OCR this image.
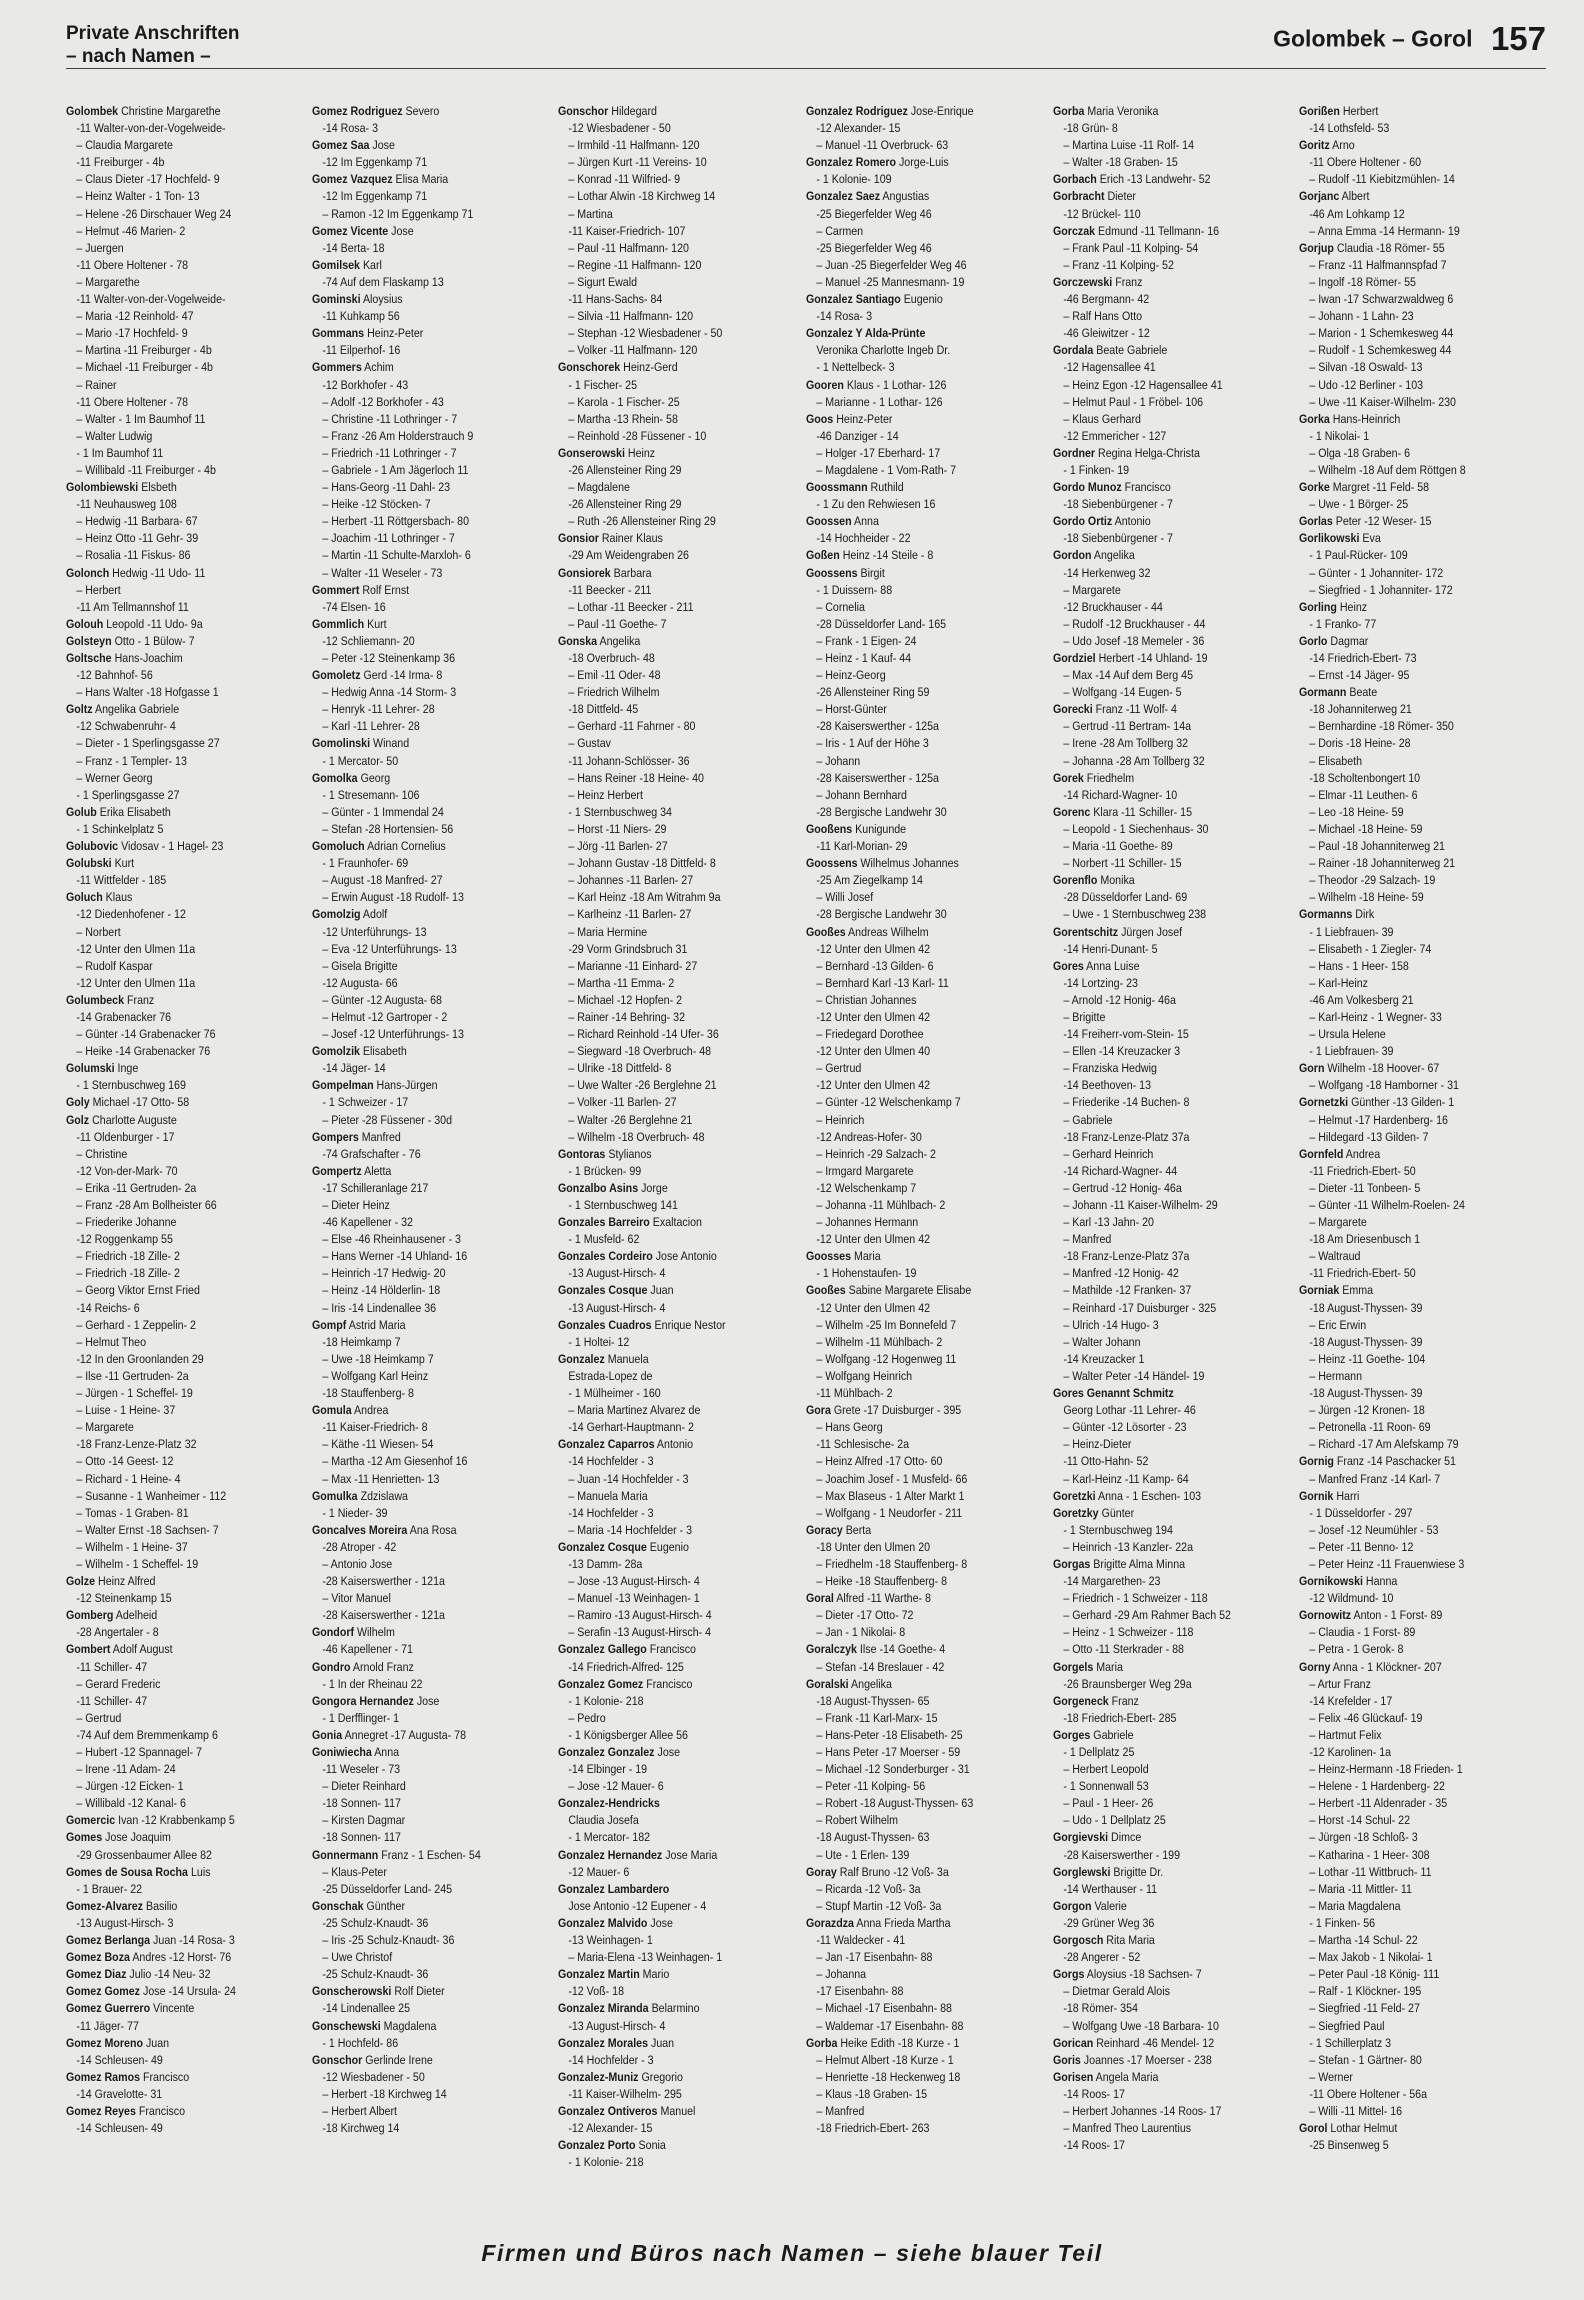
Private Anschriften
– nach Namen –
Golombek – Gorol 157
Golombek Christine Margarethe
-11 Walter-von-der-Vogelweide-
– Claudia Margarete
-11 Freiburger - 4b
– Claus Dieter -17 Hochfeld- 9
– Heinz Walter - 1 Ton- 13
– Helene -26 Dirschauer Weg 24
– Helmut -46 Marien- 2
– Juergen
-11 Obere Holtener - 78
– Margarethe
-11 Walter-von-der-Vogelweide-
– Maria -12 Reinhold- 47
– Mario -17 Hochfeld- 9
– Martina -11 Freiburger - 4b
– Michael -11 Freiburger - 4b
– Rainer
-11 Obere Holtener - 78
– Walter - 1 Im Baumhof 11
– Walter Ludwig
- 1 Im Baumhof 11
– Willibald -11 Freiburger - 4b
Golombiewski Elsbeth
-11 Neuhausweg 108
– Hedwig -11 Barbara- 67
– Heinz Otto -11 Gehr- 39
– Rosalia -11 Fiskus- 86
Golonch Hedwig -11 Udo- 11
– Herbert
-11 Am Tellmannshof 11
Golouh Leopold -11 Udo- 9a
Golsteyn Otto - 1 Bülow- 7
Goltsche Hans-Joachim
-12 Bahnhof- 56
– Hans Walter -18 Hofgasse 1
Goltz Angelika Gabriele
-12 Schwabenruhr- 4
– Dieter - 1 Sperlingsgasse 27
– Franz - 1 Templer- 13
– Werner Georg
- 1 Sperlingsgasse 27
Golub Erika Elisabeth
- 1 Schinkelplatz 5
Golubovic Vidosav - 1 Hagel- 23
Golubski Kurt
-11 Wittfelder - 185
Goluch Klaus
-12 Diedenhofener - 12
– Norbert
-12 Unter den Ulmen 11a
– Rudolf Kaspar
-12 Unter den Ulmen 11a
Golumbeck Franz
-14 Grabenacker 76
– Günter -14 Grabenacker 76
– Heike -14 Grabenacker 76
Golumski Inge
- 1 Sternbuschweg 169
Goly Michael -17 Otto- 58
Golz Charlotte Auguste
-11 Oldenburger - 17
– Christine
-12 Von-der-Mark- 70
– Erika -11 Gertruden- 2a
– Franz -28 Am Bollheister 66
– Friederike Johanne
-12 Roggenkamp 55
– Friedrich -18 Zille- 2
– Friedrich -18 Zille- 2
– Georg Viktor Ernst Fried
-14 Reichs- 6
– Gerhard - 1 Zeppelin- 2
– Helmut Theo
-12 In den Groonlanden 29
– Ilse -11 Gertruden- 2a
– Jürgen - 1 Scheffel- 19
– Luise - 1 Heine- 37
– Margarete
-18 Franz-Lenze-Platz 32
– Otto -14 Geest- 12
– Richard - 1 Heine- 4
– Susanne - 1 Wanheimer - 112
– Tomas - 1 Graben- 81
– Walter Ernst -18 Sachsen- 7
– Wilhelm - 1 Heine- 37
– Wilhelm - 1 Scheffel- 19
Golze Heinz Alfred
-12 Steinenkamp 15
Gomberg Adelheid
-28 Angertaler - 8
Gombert Adolf August
-11 Schiller- 47
– Gerard Frederic
-11 Schiller- 47
– Gertrud
-74 Auf dem Bremmenkamp 6
– Hubert -12 Spannagel- 7
– Irene -11 Adam- 24
– Jürgen -12 Eicken- 1
– Willibald -12 Kanal- 6
Gomercic Ivan -12 Krabbenkamp 5
Gomes Jose Joaquim
-29 Grossenbaumer Allee 82
Gomes de Sousa Rocha Luis
- 1 Brauer- 22
Gomez-Alvarez Basilio
-13 August-Hirsch- 3
Gomez Berlanga Juan -14 Rosa- 3
Gomez Boza Andres -12 Horst- 76
Gomez Diaz Julio -14 Neu- 32
Gomez Gomez Jose -14 Ursula- 24
Gomez Guerrero Vincente
-11 Jäger- 77
Gomez Moreno Juan
-14 Schleusen- 49
Gomez Ramos Francisco
-14 Gravelotte- 31
Gomez Reyes Francisco
-14 Schleusen- 49
Gomez Rodriguez Severo
-14 Rosa- 3
Gomez Saa Jose
-12 Im Eggenkamp 71
Gomez Vazquez Elisa Maria
-12 Im Eggenkamp 71
– Ramon -12 Im Eggenkamp 71
Gomez Vicente Jose
-14 Berta- 18
Gomilsek Karl
-74 Auf dem Flaskamp 13
Gominski Aloysius
-11 Kuhkamp 56
Gommans Heinz-Peter
-11 Eilperhof- 16
Gommers Achim
-12 Borkhofer - 43
– Adolf -12 Borkhofer - 43
– Christine -11 Lothringer - 7
– Franz -26 Am Holderstrauch 9
– Friedrich -11 Lothringer - 7
– Gabriele - 1 Am Jägerloch 11
– Hans-Georg -11 Dahl- 23
– Heike -12 Stöcken- 7
– Herbert -11 Röttgersbach- 80
– Joachim -11 Lothringer - 7
– Martin -11 Schulte-Marxloh- 6
– Walter -11 Weseler - 73
Gommert Rolf Ernst
-74 Elsen- 16
Gommlich Kurt
-12 Schliemann- 20
– Peter -12 Steinenkamp 36
Gomoletz Gerd -14 Irma- 8
– Hedwig Anna -14 Storm- 3
– Henryk -11 Lehrer- 28
– Karl -11 Lehrer- 28
Gomolinski Winand
- 1 Mercator- 50
Gomolka Georg
- 1 Stresemann- 106
– Günter - 1 Immendal 24
– Stefan -28 Hortensien- 56
Gomoluch Adrian Cornelius
- 1 Fraunhofer- 69
– August -18 Manfred- 27
– Erwin August -18 Rudolf- 13
Gomolzig Adolf
-12 Unterführungs- 13
– Eva -12 Unterführungs- 13
– Gisela Brigitte
-12 Augusta- 66
– Günter -12 Augusta- 68
– Helmut -12 Gartroper - 2
– Josef -12 Unterführungs- 13
Gomolzik Elisabeth
-14 Jäger- 14
Gompelman Hans-Jürgen
- 1 Schweizer - 17
– Pieter -28 Füssener - 30d
Gompers Manfred
-74 Grafschafter - 76
Gompertz Aletta
-17 Schilleranlage 217
– Dieter Heinz
-46 Kapellener - 32
– Else -46 Rheinhausener - 3
– Hans Werner -14 Uhland- 16
– Heinrich -17 Hedwig- 20
– Heinz -14 Hölderlin- 18
– Iris -14 Lindenallee 36
Gompf Astrid Maria
-18 Heimkamp 7
– Uwe -18 Heimkamp 7
– Wolfgang Karl Heinz
-18 Stauffenberg- 8
Gomula Andrea
-11 Kaiser-Friedrich- 8
– Käthe -11 Wiesen- 54
– Martha -12 Am Giesenhof 16
– Max -11 Henrietten- 13
Gomulka Zdzislawa
- 1 Nieder- 39
Goncalves Moreira Ana Rosa
-28 Atroper - 42
– Antonio Jose
-28 Kaiserswerther - 121a
– Vitor Manuel
-28 Kaiserswerther - 121a
Gondorf Wilhelm
-46 Kapellener - 71
Gondro Arnold Franz
- 1 In der Rheinau 22
Gongora Hernandez Jose
- 1 Derfflinger- 1
Gonia Annegret -17 Augusta- 78
Goniwiecha Anna
-11 Weseler - 73
– Dieter Reinhard
-18 Sonnen- 117
– Kirsten Dagmar
-18 Sonnen- 117
Gonnermann Franz - 1 Eschen- 54
– Klaus-Peter
-25 Düsseldorfer Land- 245
Gonschak Günther
-25 Schulz-Knaudt- 36
– Iris -25 Schulz-Knaudt- 36
– Uwe Christof
-25 Schulz-Knaudt- 36
Gonscherowski Rolf Dieter
-14 Lindenallee 25
Gonschewski Magdalena
- 1 Hochfeld- 86
Gonschor Gerlinde Irene
-12 Wiesbadener - 50
– Herbert -18 Kirchweg 14
– Herbert Albert
-18 Kirchweg 14
Gonschor Hildegard
-12 Wiesbadener - 50
– Irmhild -11 Halfmann- 120
– Jürgen Kurt -11 Vereins- 10
– Konrad -11 Wilfried- 9
– Lothar Alwin -18 Kirchweg 14
– Martina
-11 Kaiser-Friedrich- 107
– Paul -11 Halfmann- 120
– Regine -11 Halfmann- 120
– Sigurt Ewald
-11 Hans-Sachs- 84
– Silvia -11 Halfmann- 120
– Stephan -12 Wiesbadener - 50
– Volker -11 Halfmann- 120
Gonschorek Heinz-Gerd
- 1 Fischer- 25
– Karola - 1 Fischer- 25
– Martha -13 Rhein- 58
– Reinhold -28 Füssener - 10
Gonserowski Heinz
-26 Allensteiner Ring 29
– Magdalene
-26 Allensteiner Ring 29
– Ruth -26 Allensteiner Ring 29
Gonsior Rainer Klaus
-29 Am Weidengraben 26
Gonsiorek Barbara
-11 Beecker - 211
– Lothar -11 Beecker - 211
– Paul -11 Goethe- 7
Gonska Angelika
-18 Overbruch- 48
– Emil -11 Oder- 48
– Friedrich Wilhelm
-18 Dittfeld- 45
– Gerhard -11 Fahrner - 80
– Gustav
-11 Johann-Schlösser- 36
– Hans Reiner -18 Heine- 40
– Heinz Herbert
- 1 Sternbuschweg 34
– Horst -11 Niers- 29
– Jörg -11 Barlen- 27
– Johann Gustav -18 Dittfeld- 8
– Johannes -11 Barlen- 27
– Karl Heinz -18 Am Witrahm 9a
– Karlheinz -11 Barlen- 27
– Maria Hermine
-29 Vorm Grindsbruch 31
– Marianne -11 Einhard- 27
– Martha -11 Emma- 2
– Michael -12 Hopfen- 2
– Rainer -14 Behring- 32
– Richard Reinhold -14 Ufer- 36
– Siegward -18 Overbruch- 48
– Ulrike -18 Dittfeld- 8
– Uwe Walter -26 Berglehne 21
– Volker -11 Barlen- 27
– Walter -26 Berglehne 21
– Wilhelm -18 Overbruch- 48
Gontoras Stylianos
- 1 Brücken- 99
Gonzalbo Asins Jorge
- 1 Sternbuschweg 141
Gonzales Barreiro Exaltacion
- 1 Musfeld- 62
Gonzales Cordeiro Jose Antonio
-13 August-Hirsch- 4
Gonzales Cosque Juan
-13 August-Hirsch- 4
Gonzales Cuadros Enrique Nestor
- 1 Holtei- 12
Gonzalez Manuela
Estrada-Lopez de
- 1 Mülheimer - 160
– Maria Martinez Alvarez de
-14 Gerhart-Hauptmann- 2
Gonzalez Caparros Antonio
-14 Hochfelder - 3
– Juan -14 Hochfelder - 3
– Manuela Maria
-14 Hochfelder - 3
– Maria -14 Hochfelder - 3
Gonzalez Cosque Eugenio
-13 Damm- 28a
– Jose -13 August-Hirsch- 4
– Manuel -13 Weinhagen- 1
– Ramiro -13 August-Hirsch- 4
– Serafin -13 August-Hirsch- 4
Gonzalez Gallego Francisco
-14 Friedrich-Alfred- 125
Gonzalez Gomez Francisco
- 1 Kolonie- 218
– Pedro
- 1 Königsberger Allee 56
Gonzalez Gonzalez Jose
-14 Elbinger - 19
– Jose -12 Mauer- 6
Gonzalez-Hendricks
Claudia Josefa
- 1 Mercator- 182
Gonzalez Hernandez Jose Maria
-12 Mauer- 6
Gonzalez Lambardero
Jose Antonio -12 Eupener - 4
Gonzalez Malvido Jose
-13 Weinhagen- 1
– Maria-Elena -13 Weinhagen- 1
Gonzalez Martin Mario
-12 Voß- 18
Gonzalez Miranda Belarmino
-13 August-Hirsch- 4
Gonzalez Morales Juan
-14 Hochfelder - 3
Gonzalez-Muniz Gregorio
-11 Kaiser-Wilhelm- 295
Gonzalez Ontiveros Manuel
-12 Alexander- 15
Gonzalez Porto Sonia
- 1 Kolonie- 218
Gonzalez Rodriguez Jose-Enrique
-12 Alexander- 15
– Manuel -11 Overbruck- 63
Gonzalez Romero Jorge-Luis
- 1 Kolonie- 109
Gonzalez Saez Angustias
-25 Biegerfelder Weg 46
– Carmen
-25 Biegerfelder Weg 46
– Juan -25 Biegerfelder Weg 46
– Manuel -25 Mannesmann- 19
Gonzalez Santiago Eugenio
-14 Rosa- 3
Gonzalez Y Alda-Prünte
Veronika Charlotte Ingeb Dr.
- 1 Nettelbeck- 3
Gooren Klaus - 1 Lothar- 126
– Marianne - 1 Lothar- 126
Goos Heinz-Peter
-46 Danziger - 14
– Holger -17 Eberhard- 17
– Magdalene - 1 Vom-Rath- 7
Goossmann Ruthild
- 1 Zu den Rehwiesen 16
Goossen Anna
-14 Hochheider - 22
Goßen Heinz -14 Steile - 8
Goossens Birgit
- 1 Duissern- 88
– Cornelia
-28 Düsseldorfer Land- 165
– Frank - 1 Eigen- 24
– Heinz - 1 Kauf- 44
– Heinz-Georg
-26 Allensteiner Ring 59
– Horst-Günter
-28 Kaiserswerther - 125a
– Iris - 1 Auf der Höhe 3
– Johann
-28 Kaiserswerther - 125a
– Johann Bernhard
-28 Bergische Landwehr 30
Gooßens Kunigunde
-11 Karl-Morian- 29
Goossens Wilhelmus Johannes
-25 Am Ziegelkamp 14
– Willi Josef
-28 Bergische Landwehr 30
Gooßes Andreas Wilhelm
-12 Unter den Ulmen 42
– Bernhard -13 Gilden- 6
– Bernhard Karl -13 Karl- 11
– Christian Johannes
-12 Unter den Ulmen 42
– Friedegard Dorothee
-12 Unter den Ulmen 40
– Gertrud
-12 Unter den Ulmen 42
– Günter -12 Welschenkamp 7
– Heinrich
-12 Andreas-Hofer- 30
– Heinrich -29 Salzach- 2
– Irmgard Margarete
-12 Welschenkamp 7
– Johanna -11 Mühlbach- 2
– Johannes Hermann
-12 Unter den Ulmen 42
Goosses Maria
- 1 Hohenstaufen- 19
Gooßes Sabine Margarete Elisabe
-12 Unter den Ulmen 42
– Wilhelm -25 Im Bonnefeld 7
– Wilhelm -11 Mühlbach- 2
– Wolfgang -12 Hogenweg 11
– Wolfgang Heinrich
-11 Mühlbach- 2
Gora Grete -17 Duisburger - 395
– Hans Georg
-11 Schlesische- 2a
– Heinz Alfred -17 Otto- 60
– Joachim Josef - 1 Musfeld- 66
– Max Blaseus - 1 Alter Markt 1
– Wolfgang - 1 Neudorfer - 211
Goracy Berta
-18 Unter den Ulmen 20
– Friedhelm -18 Stauffenberg- 8
– Heike -18 Stauffenberg- 8
Goral Alfred -11 Warthe- 8
– Dieter -17 Otto- 72
– Jan - 1 Nikolai- 8
Goralczyk Ilse -14 Goethe- 4
– Stefan -14 Breslauer - 42
Goralski Angelika
-18 August-Thyssen- 65
– Frank -11 Karl-Marx- 15
– Hans-Peter -18 Elisabeth- 25
– Hans Peter -17 Moerser - 59
– Michael -12 Sonderburger - 31
– Peter -11 Kolping- 56
– Robert -18 August-Thyssen- 63
– Robert Wilhelm
-18 August-Thyssen- 63
– Ute - 1 Erlen- 139
Goray Ralf Bruno -12 Voß- 3a
– Ricarda -12 Voß- 3a
– Stupf Martin -12 Voß- 3a
Gorazdza Anna Frieda Martha
-11 Waldecker - 41
– Jan -17 Eisenbahn- 88
– Johanna
-17 Eisenbahn- 88
– Michael -17 Eisenbahn- 88
– Waldemar -17 Eisenbahn- 88
Gorba Heike Edith -18 Kurze - 1
– Helmut Albert -18 Kurze - 1
– Henriette -18 Heckenweg 18
– Klaus -18 Graben- 15
– Manfred
-18 Friedrich-Ebert- 263
Gorba Maria Veronika
-18 Grün- 8
– Martina Luise -11 Rolf- 14
– Walter -18 Graben- 15
Gorbach Erich -13 Landwehr- 52
Gorbracht Dieter
-12 Brückel- 110
Gorczak Edmund -11 Tellmann- 16
– Frank Paul -11 Kolping- 54
– Franz -11 Kolping- 52
Gorczewski Franz
-46 Bergmann- 42
– Ralf Hans Otto
-46 Gleiwitzer - 12
Gordala Beate Gabriele
-12 Hagensallee 41
– Heinz Egon -12 Hagensallee 41
– Helmut Paul - 1 Fröbel- 106
– Klaus Gerhard
-12 Emmericher - 127
Gordner Regina Helga-Christa
- 1 Finken- 19
Gordo Munoz Francisco
-18 Siebenbürgener - 7
Gordo Ortiz Antonio
-18 Siebenbürgener - 7
Gordon Angelika
-14 Herkenweg 32
– Margarete
-12 Bruckhauser - 44
– Rudolf -12 Bruckhauser - 44
– Udo Josef -18 Memeler - 36
Gordziel Herbert -14 Uhland- 19
– Max -14 Auf dem Berg 45
– Wolfgang -14 Eugen- 5
Gorecki Franz -11 Wolf- 4
– Gertrud -11 Bertram- 14a
– Irene -28 Am Tollberg 32
– Johanna -28 Am Tollberg 32
Gorek Friedhelm
-14 Richard-Wagner- 10
Gorenc Klara -11 Schiller- 15
– Leopold - 1 Siechenhaus- 30
– Maria -11 Goethe- 89
– Norbert -11 Schiller- 15
Gorenflo Monika
-28 Düsseldorfer Land- 69
– Uwe - 1 Sternbuschweg 238
Gorentschitz Jürgen Josef
-14 Henri-Dunant- 5
Gores Anna Luise
-14 Lortzing- 23
– Arnold -12 Honig- 46a
– Brigitte
-14 Freiherr-vom-Stein- 15
– Ellen -14 Kreuzacker 3
– Franziska Hedwig
-14 Beethoven- 13
– Friederike -14 Buchen- 8
– Gabriele
-18 Franz-Lenze-Platz 37a
– Gerhard Heinrich
-14 Richard-Wagner- 44
– Gertrud -12 Honig- 46a
– Johann -11 Kaiser-Wilhelm- 29
– Karl -13 Jahn- 20
– Manfred
-18 Franz-Lenze-Platz 37a
– Manfred -12 Honig- 42
– Mathilde -12 Franken- 37
– Reinhard -17 Duisburger - 325
– Ulrich -14 Hugo- 3
– Walter Johann
-14 Kreuzacker 1
– Walter Peter -14 Händel- 19
Gores Genannt Schmitz
Georg Lothar -11 Lehrer- 46
– Günter -12 Lösorter - 23
– Heinz-Dieter
-11 Otto-Hahn- 52
– Karl-Heinz -11 Kamp- 64
Goretzki Anna - 1 Eschen- 103
Goretzky Günter
- 1 Sternbuschweg 194
– Heinrich -13 Kanzler- 22a
Gorgas Brigitte Alma Minna
-14 Margarethen- 23
– Friedrich - 1 Schweizer - 118
– Gerhard -29 Am Rahmer Bach 52
– Heinz - 1 Schweizer - 118
– Otto -11 Sterkrader - 88
Gorgels Maria
-26 Braunsberger Weg 29a
Gorgeneck Franz
-18 Friedrich-Ebert- 285
Gorges Gabriele
- 1 Dellplatz 25
– Herbert Leopold
- 1 Sonnenwall 53
– Paul - 1 Heer- 26
– Udo - 1 Dellplatz 25
Gorgievski Dimce
-28 Kaiserswerther - 199
Gorglewski Brigitte Dr.
-14 Werthauser - 11
Gorgon Valerie
-29 Grüner Weg 36
Gorgosch Rita Maria
-28 Angerer - 52
Gorgs Aloysius -18 Sachsen- 7
– Dietmar Gerald Alois
-18 Römer- 354
– Wolfgang Uwe -18 Barbara- 10
Gorican Reinhard -46 Mendel- 12
Goris Joannes -17 Moerser - 238
Gorisen Angela Maria
-14 Roos- 17
– Herbert Johannes -14 Roos- 17
– Manfred Theo Laurentius
-14 Roos- 17
Gorißen Herbert
-14 Lothsfeld- 53
Goritz Arno
-11 Obere Holtener - 60
– Rudolf -11 Kiebitzmühlen- 14
Gorjanc Albert
-46 Am Lohkamp 12
– Anna Emma -14 Hermann- 19
Gorjup Claudia -18 Römer- 55
– Franz -11 Halfmannspfad 7
– Ingolf -18 Römer- 55
– Iwan -17 Schwarzwaldweg 6
– Johann - 1 Lahn- 23
– Marion - 1 Schemkesweg 44
– Rudolf - 1 Schemkesweg 44
– Silvan -18 Oswald- 13
– Udo -12 Berliner - 103
– Uwe -11 Kaiser-Wilhelm- 230
Gorka Hans-Heinrich
- 1 Nikolai- 1
– Olga -18 Graben- 6
– Wilhelm -18 Auf dem Röttgen 8
Gorke Margret -11 Feld- 58
– Uwe - 1 Börger- 25
Gorlas Peter -12 Weser- 15
Gorlikowski Eva
- 1 Paul-Rücker- 109
– Günter - 1 Johanniter- 172
– Siegfried - 1 Johanniter- 172
Gorling Heinz
- 1 Franko- 77
Gorlo Dagmar
-14 Friedrich-Ebert- 73
– Ernst -14 Jäger- 95
Gormann Beate
-18 Johanniterweg 21
– Bernhardine -18 Römer- 350
– Doris -18 Heine- 28
– Elisabeth
-18 Scholtenbongert 10
– Elmar -11 Leuthen- 6
– Leo -18 Heine- 59
– Michael -18 Heine- 59
– Paul -18 Johanniterweg 21
– Rainer -18 Johanniterweg 21
– Theodor -29 Salzach- 19
– Wilhelm -18 Heine- 59
Gormanns Dirk
- 1 Liebfrauen- 39
– Elisabeth - 1 Ziegler- 74
– Hans - 1 Heer- 158
– Karl-Heinz
-46 Am Volkesberg 21
– Karl-Heinz - 1 Wegner- 33
– Ursula Helene
- 1 Liebfrauen- 39
Gorn Wilhelm -18 Hoover- 67
– Wolfgang -18 Hamborner - 31
Gornetzki Günther -13 Gilden- 1
– Helmut -17 Hardenberg- 16
– Hildegard -13 Gilden- 7
Gornfeld Andrea
-11 Friedrich-Ebert- 50
– Dieter -11 Tonbeen- 5
– Günter -11 Wilhelm-Roelen- 24
– Margarete
-18 Am Driesenbusch 1
– Waltraud
-11 Friedrich-Ebert- 50
Gorniak Emma
-18 August-Thyssen- 39
– Eric Erwin
-18 August-Thyssen- 39
– Heinz -11 Goethe- 104
– Hermann
-18 August-Thyssen- 39
– Jürgen -12 Kronen- 18
– Petronella -11 Roon- 69
– Richard -17 Am Alefskamp 79
Gornig Franz -14 Paschacker 51
– Manfred Franz -14 Karl- 7
Gornik Harri
- 1 Düsseldorfer - 297
– Josef -12 Neumühler - 53
– Peter -11 Benno- 12
– Peter Heinz -11 Frauenwiese 3
Gornikowski Hanna
-12 Wildmund- 10
Gornowitz Anton - 1 Forst- 89
– Claudia - 1 Forst- 89
– Petra - 1 Gerok- 8
Gorny Anna - 1 Klöckner- 207
– Artur Franz
-14 Krefelder - 17
– Felix -46 Glückauf- 19
– Hartmut Felix
-12 Karolinen- 1a
– Heinz-Hermann -18 Frieden- 1
– Helene - 1 Hardenberg- 22
– Herbert -11 Aldenrader - 35
– Horst -14 Schul- 22
– Jürgen -18 Schloß- 3
– Katharina - 1 Heer- 308
– Lothar -11 Wittbruch- 11
– Maria -11 Mittler- 11
– Maria Magdalena
- 1 Finken- 56
– Martha -14 Schul- 22
– Max Jakob - 1 Nikolai- 1
– Peter Paul -18 König- 111
– Ralf - 1 Klöckner- 195
– Siegfried -11 Feld- 27
– Siegfried Paul
- 1 Schillerplatz 3
– Stefan - 1 Gärtner- 80
– Werner
-11 Obere Holtener - 56a
– Willi -11 Mittel- 16
Gorol Lothar Helmut
-25 Binsenweg 5
Firmen und Büros nach Namen – siehe blauer Teil
